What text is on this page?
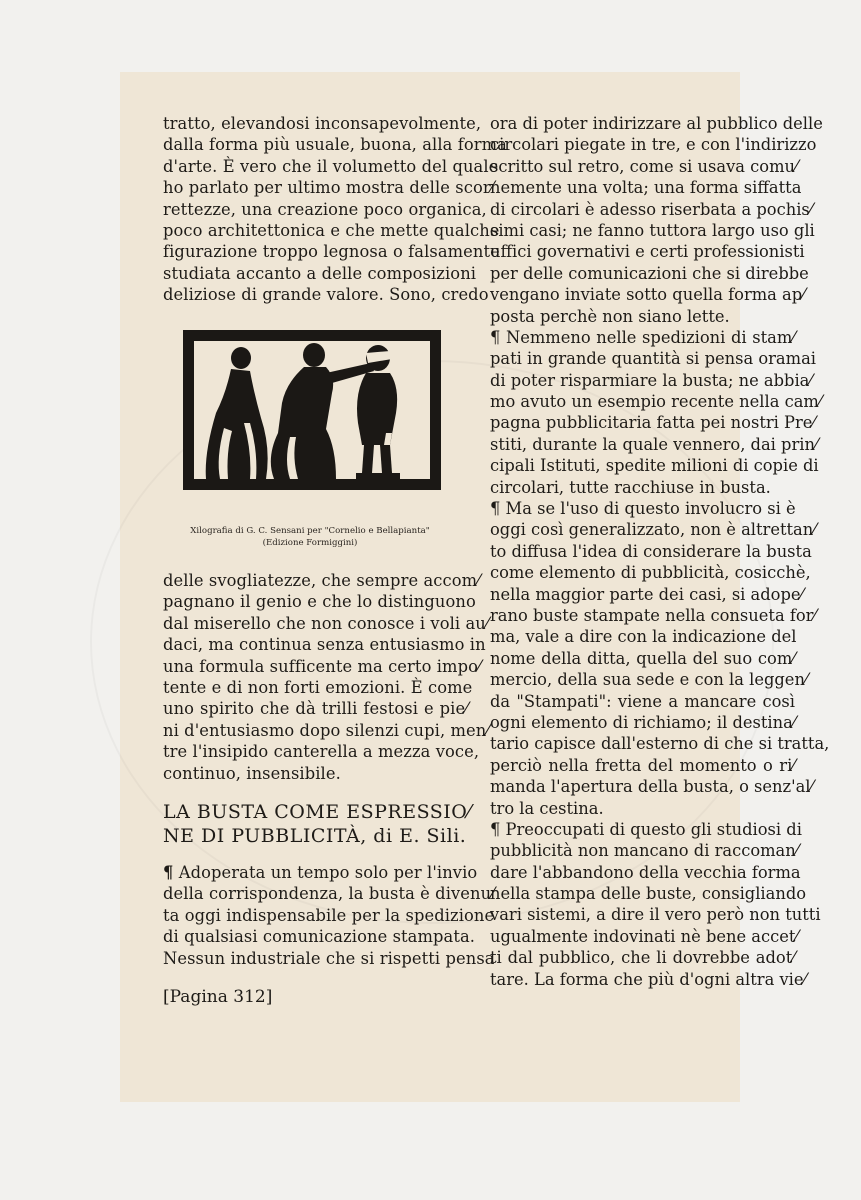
tratto, elevandosi inconsapevolmente,
dalla forma più usuale, buona, alla forma
d'arte. È vero che il volumetto del quale
ho parlato per ultimo mostra delle scor⁄
rettezze, una creazione poco organica,
poco architettonica e che mette qualche
figurazione troppo legnosa o falsamente
studiata accanto a delle composizioni
deliziose di grande valore. Sono, credo
Xilografia di G. C. Sensani per "Cornelio e Bellapianta"
(Edizione Formiggini)
delle svogliatezze, che sempre accom⁄
pagnano il genio e che lo distinguono
dal miserello che non conosce i voli au⁄
daci, ma continua senza entusiasmo in
una formula sufficente ma certo impo⁄
tente e di non forti emozioni. È come
uno spirito che dà trilli festosi e pie⁄
ni d'entusiasmo dopo silenzi cupi, men⁄
tre l'insipido canterella a mezza voce,
continuo, insensibile.
LA BUSTA COME ESPRESSIO⁄
NE DI PUBBLICITÀ, di E. Sili.
¶ Adoperata un tempo solo per l'invio
della corrispondenza, la busta è divenu⁄
ta oggi indispensabile per la spedizione
di qualsiasi comunicazione stampata.
Nessun industriale che si rispetti pensa
[Pagina 312]
ora di poter indirizzare al pubblico delle
circolari piegate in tre, e con l'indirizzo
scritto sul retro, come si usava comu⁄
nemente una volta; una forma siffatta
di circolari è adesso riserbata a pochis⁄
simi casi; ne fanno tuttora largo uso gli
uffici governativi e certi professionisti
per delle comunicazioni che si direbbe
vengano inviate sotto quella forma ap⁄
posta perchè non siano lette.
¶ Nemmeno nelle spedizioni di stam⁄
pati in grande quantità si pensa oramai
di poter risparmiare la busta; ne abbia⁄
mo avuto un esempio recente nella cam⁄
pagna pubblicitaria fatta pei nostri Pre⁄
stiti, durante la quale vennero, dai prin⁄
cipali Istituti, spedite milioni di copie di
circolari, tutte racchiuse in busta.
¶ Ma se l'uso di questo involucro si è
oggi così generalizzato, non è altrettan⁄
to diffusa l'idea di considerare la busta
come elemento di pubblicità, cosicchè,
nella maggior parte dei casi, si adope⁄
rano buste stampate nella consueta for⁄
ma, vale a dire con la indicazione del
nome della ditta, quella del suo com⁄
mercio, della sua sede e con la leggen⁄
da "Stampati": viene a mancare così
ogni elemento di richiamo; il destina⁄
tario capisce dall'esterno di che si tratta,
perciò nella fretta del momento o ri⁄
manda l'apertura della busta, o senz'al⁄
tro la cestina.
¶ Preoccupati di questo gli studiosi di
pubblicità non mancano di raccoman⁄
dare l'abbandono della vecchia forma
nella stampa delle buste, consigliando
vari sistemi, a dire il vero però non tutti
ugualmente indovinati nè bene accet⁄
ti dal pubblico, che li dovrebbe adot⁄
tare. La forma che più d'ogni altra vie⁄
